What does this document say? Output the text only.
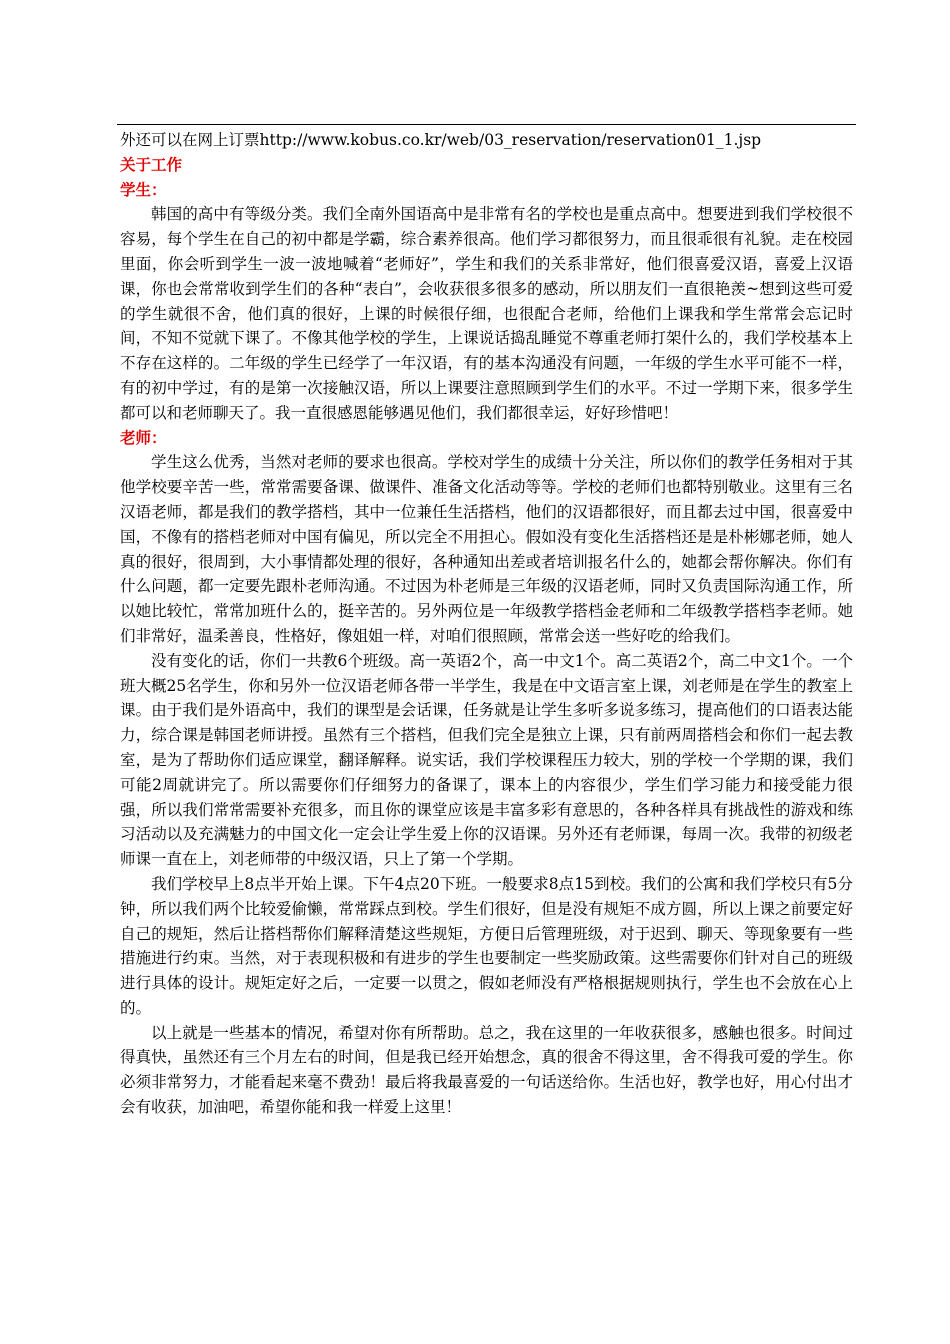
外还可以在网上订票http://www.kobus.co.kr/web/03_reservation/reservation01_1.jsp

关于工作

学生：

韩国的高中有等级分类。我们全南外国语高中是非常有名的学校也是重点高中。想要进到我们学校很不容易，每个学生在自己的初中都是学霸，综合素养很高。他们学习都很努力，而且很乖很有礼貌。走在校园里面，你会听到学生一波一波地喊着“老师好”，学生和我们的关系非常好，他们很喜爱汉语，喜爱上汉语课，你也会常常收到学生们的各种“表白”，会收获很多很多的感动，所以朋友们一直很艳羡~想到这些可爱的学生就很不舍，他们真的很好，上课的时候很仔细，也很配合老师，给他们上课我和学生常常会忘记时间，不知不觉就下课了。不像其他学校的学生，上课说话捣乱睡觉不尊重老师打架什么的，我们学校基本上不存在这样的。二年级的学生已经学了一年汉语，有的基本沟通没有问题，一年级的学生水平可能不一样，有的初中学过，有的是第一次接触汉语，所以上课要注意照顾到学生们的水平。不过一学期下来，很多学生都可以和老师聊天了。我一直很感恩能够遇见他们，我们都很幸运，好好珍惜吧！

老师：

学生这么优秀，当然对老师的要求也很高。学校对学生的成绩十分关注，所以你们的教学任务相对于其他学校要辛苦一些，常常需要备课、做课件、准备文化活动等等。学校的老师们也都特别敬业。这里有三名汉语老师，都是我们的教学搭档，其中一位兼任生活搭档，他们的汉语都很好，而且都去过中国，很喜爱中国，不像有的搭档老师对中国有偏见，所以完全不用担心。假如没有变化生活搭档还是是朴彬娜老师，她人真的很好，很周到，大小事情都处理的很好，各种通知出差或者培训报名什么的，她都会帮你解决。你们有什么问题，都一定要先跟朴老师沟通。不过因为朴老师是三年级的汉语老师，同时又负责国际沟通工作，所以她比较忙，常常加班什么的，挺辛苦的。另外两位是一年级教学搭档金老师和二年级教学搭档李老师。她们非常好，温柔善良，性格好，像姐姐一样，对咱们很照顾，常常会送一些好吃的给我们。

没有变化的话，你们一共教6个班级。高一英语2个，高一中文1个。高二英语2个，高二中文1个。一个班大概25名学生，你和另外一位汉语老师各带一半学生，我是在中文语言室上课，刘老师是在学生的教室上课。由于我们是外语高中，我们的课型是会话课，任务就是让学生多听多说多练习，提高他们的口语表达能力，综合课是韩国老师讲授。虽然有三个搭档，但我们完全是独立上课，只有前两周搭档会和你们一起去教室，是为了帮助你们适应课堂，翻译解释。说实话，我们学校课程压力较大，别的学校一个学期的课，我们可能2周就讲完了。所以需要你们仔细努力的备课了，课本上的内容很少，学生们学习能力和接受能力很强，所以我们常常需要补充很多，而且你的课堂应该是丰富多彩有意思的，各种各样具有挑战性的游戏和练习活动以及充满魅力的中国文化一定会让学生爱上你的汉语课。另外还有老师课，每周一次。我带的初级老师课一直在上，刘老师带的中级汉语，只上了第一个学期。

我们学校早上8点半开始上课。下午4点20下班。一般要求8点15到校。我们的公寓和我们学校只有5分钟，所以我们两个比较爱偷懒，常常踩点到校。学生们很好，但是没有规矩不成方圆，所以上课之前要定好自己的规矩，然后让搭档帮你们解释清楚这些规矩，方便日后管理班级，对于迟到、聊天、等现象要有一些措施进行约束。当然，对于表现积极和有进步的学生也要制定一些奖励政策。这些需要你们针对自己的班级进行具体的设计。规矩定好之后，一定要一以贯之，假如老师没有严格根据规则执行，学生也不会放在心上的。

以上就是一些基本的情况，希望对你有所帮助。总之，我在这里的一年收获很多，感触也很多。时间过得真快，虽然还有三个月左右的时间，但是我已经开始想念，真的很舍不得这里，舍不得我可爱的学生。你必须非常努力，才能看起来毫不费劲！最后将我最喜爱的一句话送给你。生活也好，教学也好，用心付出才会有收获，加油吧，希望你能和我一样爱上这里！
